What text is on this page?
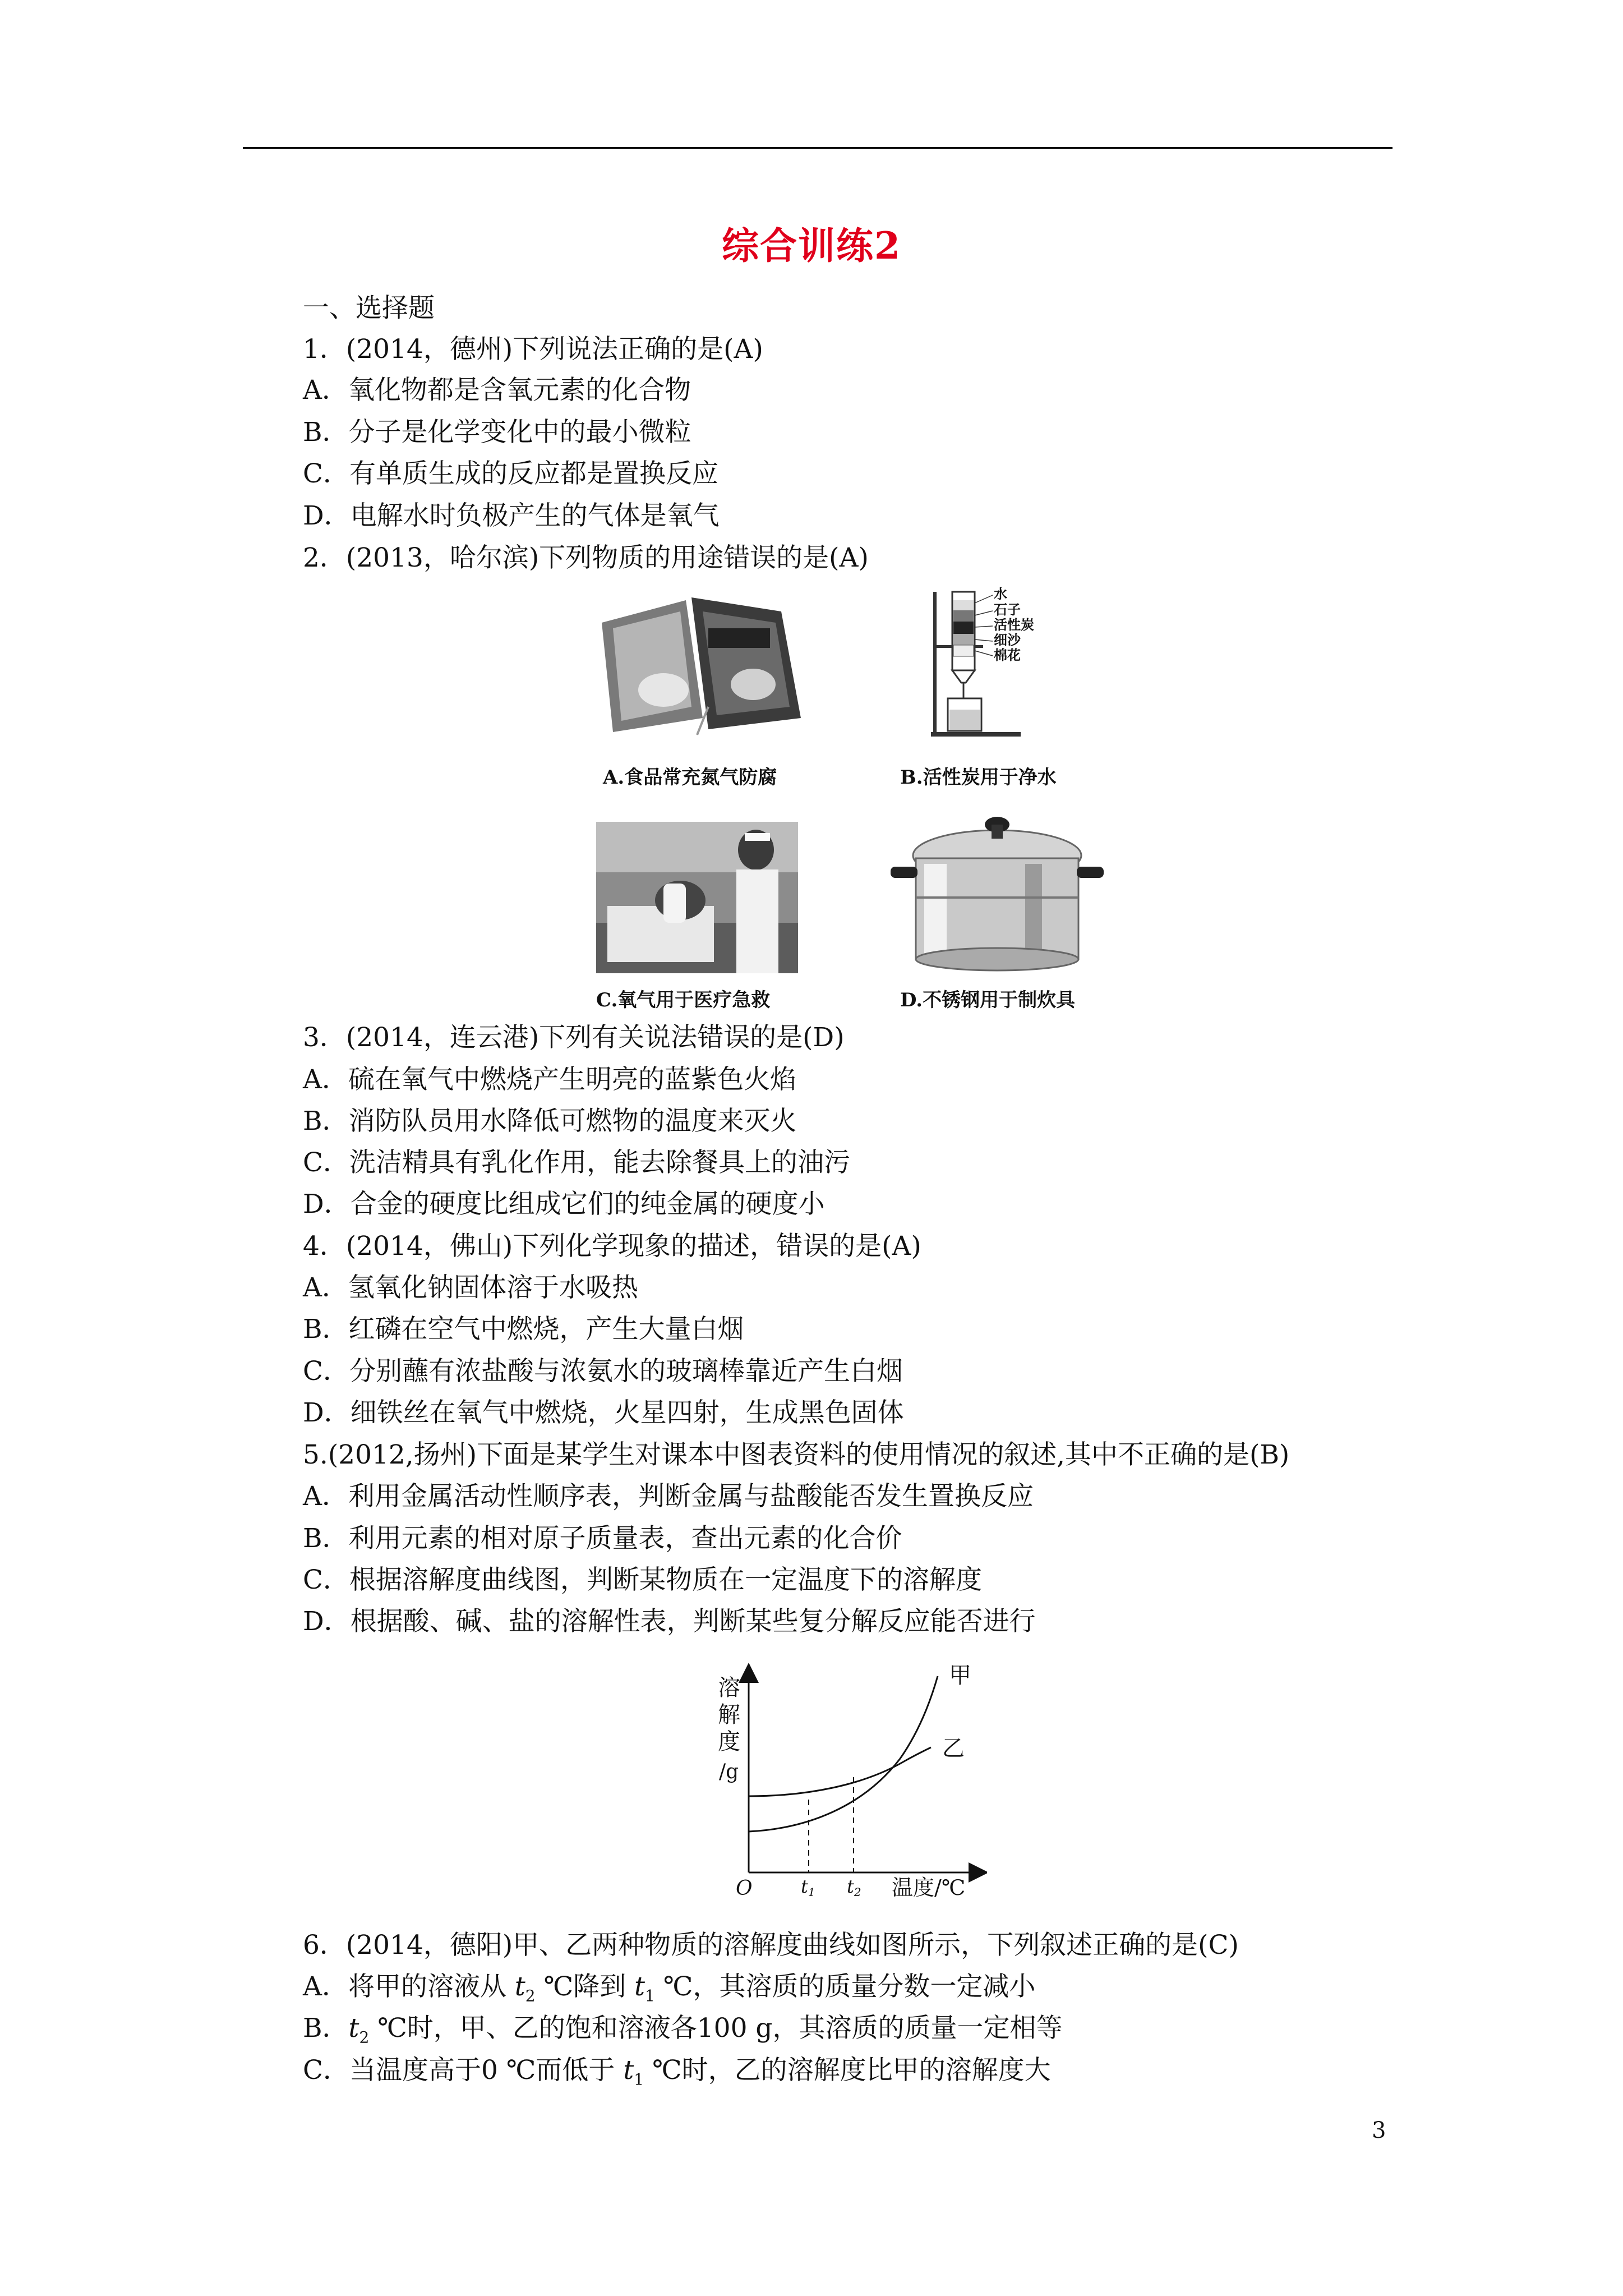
综合训练2
一、选择题
1．(2014，德州)下列说法正确的是(A)
A．氧化物都是含氧元素的化合物
B．分子是化学变化中的最小微粒
C．有单质生成的反应都是置换反应
D．电解水时负极产生的气体是氧气
2．(2013，哈尔滨)下列物质的用途错误的是(A)
水
石子
活性炭
细沙
棉花
A.食品常充氮气防腐	B.活性炭用于净水
C.氧气用于医疗急救	D.不锈钢用于制炊具
3．(2014，连云港)下列有关说法错误的是(D)
A．硫在氧气中燃烧产生明亮的蓝紫色火焰
B．消防队员用水降低可燃物的温度来灭火
C．洗洁精具有乳化作用，能去除餐具上的油污
D．合金的硬度比组成它们的纯金属的硬度小
4．(2014，佛山)下列化学现象的描述，错误的是(A)
A．氢氧化钠固体溶于水吸热
B．红磷在空气中燃烧，产生大量白烟
C．分别蘸有浓盐酸与浓氨水的玻璃棒靠近产生白烟
D．细铁丝在氧气中燃烧，火星四射，生成黑色固体
5.(2012,扬州)下面是某学生对课本中图表资料的使用情况的叙述,其中不正确的是(B)
A．利用金属活动性顺序表，判断金属与盐酸能否发生置换反应
B．利用元素的相对原子质量表，查出元素的化合价
C．根据溶解度曲线图，判断某物质在一定温度下的溶解度
D．根据酸、碱、盐的溶解性表，判断某些复分解反应能否进行
溶
解
度
/g
O	t1 t2 温度/℃
甲
乙
6．(2014，德阳)甲、乙两种物质的溶解度曲线如图所示，下列叙述正确的是(C)
A．将甲的溶液从 $t_2$ ℃降到 $t_1$ ℃，其溶质的质量分数一定减小
B．$t_2$ ℃时，甲、乙的饱和溶液各100 g，其溶质的质量一定相等
C．当温度高于0 ℃而低于 $t_1$ ℃时，乙的溶解度比甲的溶解度大
3
